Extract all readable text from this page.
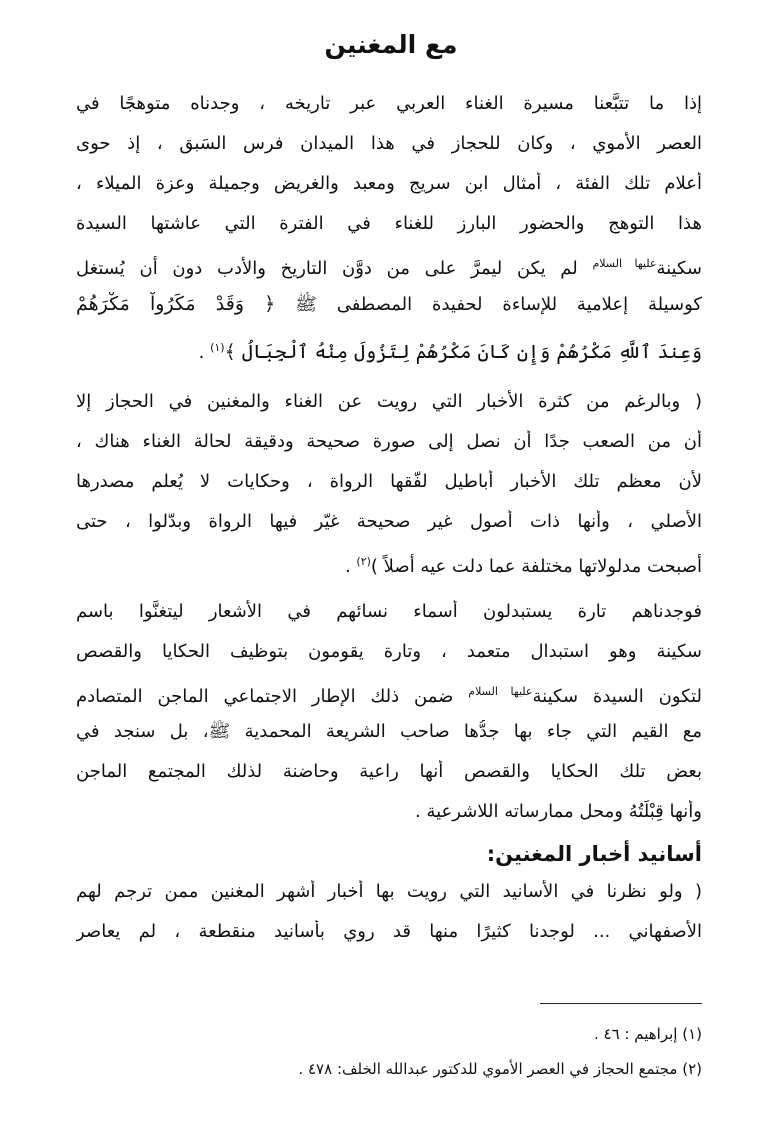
مع المغنين
إذا ما تتبَّعنا مسيرة الغناء العربي عبر تاريخه ، وجدناه متوهجًا في
العصر الأموي ، وكان للحجاز في هذا الميدان فرس السَبق ، إذ حوى
أعلام تلك الفئة ، أمثال ابن سريج ومعبد والغريض وجميلة وعزة الميلاء ،
هذا التوهج والحضور البارز للغناء في الفترة التي عاشتها السيدة
سكينة$^{عليها السلام}$ لم يكن ليمرَّ على من دوَّن التاريخ والأدب دون أن يُستغل
كوسيلة إعلامية للإساءة لحفيدة المصطفى ﷺ ﴿ وَقَدْ مَكَرُواْ مَكْرَهُمْ
وَعِندَ ٱللَّهِ مَكْرُهُمْ وَإِن كَانَ مَكْرُهُمْ لِتَزُولَ مِنْهُ ٱلْجِبَالُ ﴾$^{(١)}$ .
( وبالرغم من كثرة الأخبار التي رويت عن الغناء والمغنين في الحجاز إلا
أن من الصعب جدًا أن نصل إلى صورة صحيحة ودقيقة لحالة الغناء هناك ،
لأن معظم تلك الأخبار أباطيل لفّقها الرواة ، وحكايات لا يُعلم مصدرها
الأصلي ، وأنها ذات أصول غير صحيحة غيّر فيها الرواة وبدّلوا ، حتى
أصبحت مدلولاتها مختلفة عما دلت عيه أصلاً )$^{(٢)}$ .
فوجدناهم تارة يستبدلون أسماء نسائهم في الأشعار ليتغنَّوا باسم
سكينة وهو استبدال متعمد ، وتارة يقومون بتوظيف الحكايا والقصص
لتكون السيدة سكينة$^{عليها السلام}$ ضمن ذلك الإطار الاجتماعي الماجن المتصادم
مع القيم التي جاء بها جدُّها صاحب الشريعة المحمدية ﷺ، بل سنجد في
بعض تلك الحكايا والقصص أنها راعية وحاضنة لذلك المجتمع الماجن
وأنها قِبْلَتُهُ ومحل ممارساته اللاشرعية .
أسانيد أخبار المغنين:
( ولو نظرنا في الأسانيد التي رويت بها أخبار أشهر المغنين ممن ترجم لهم
الأصفهاني ... لوجدنا كثيرًا منها قد روي بأسانيد منقطعة ، لم يعاصر
(١) إبراهيم : ٤٦ .
(٢) مجتمع الحجاز في العصر الأموي للدكتور عبدالله الخلف: ٤٧٨ .
